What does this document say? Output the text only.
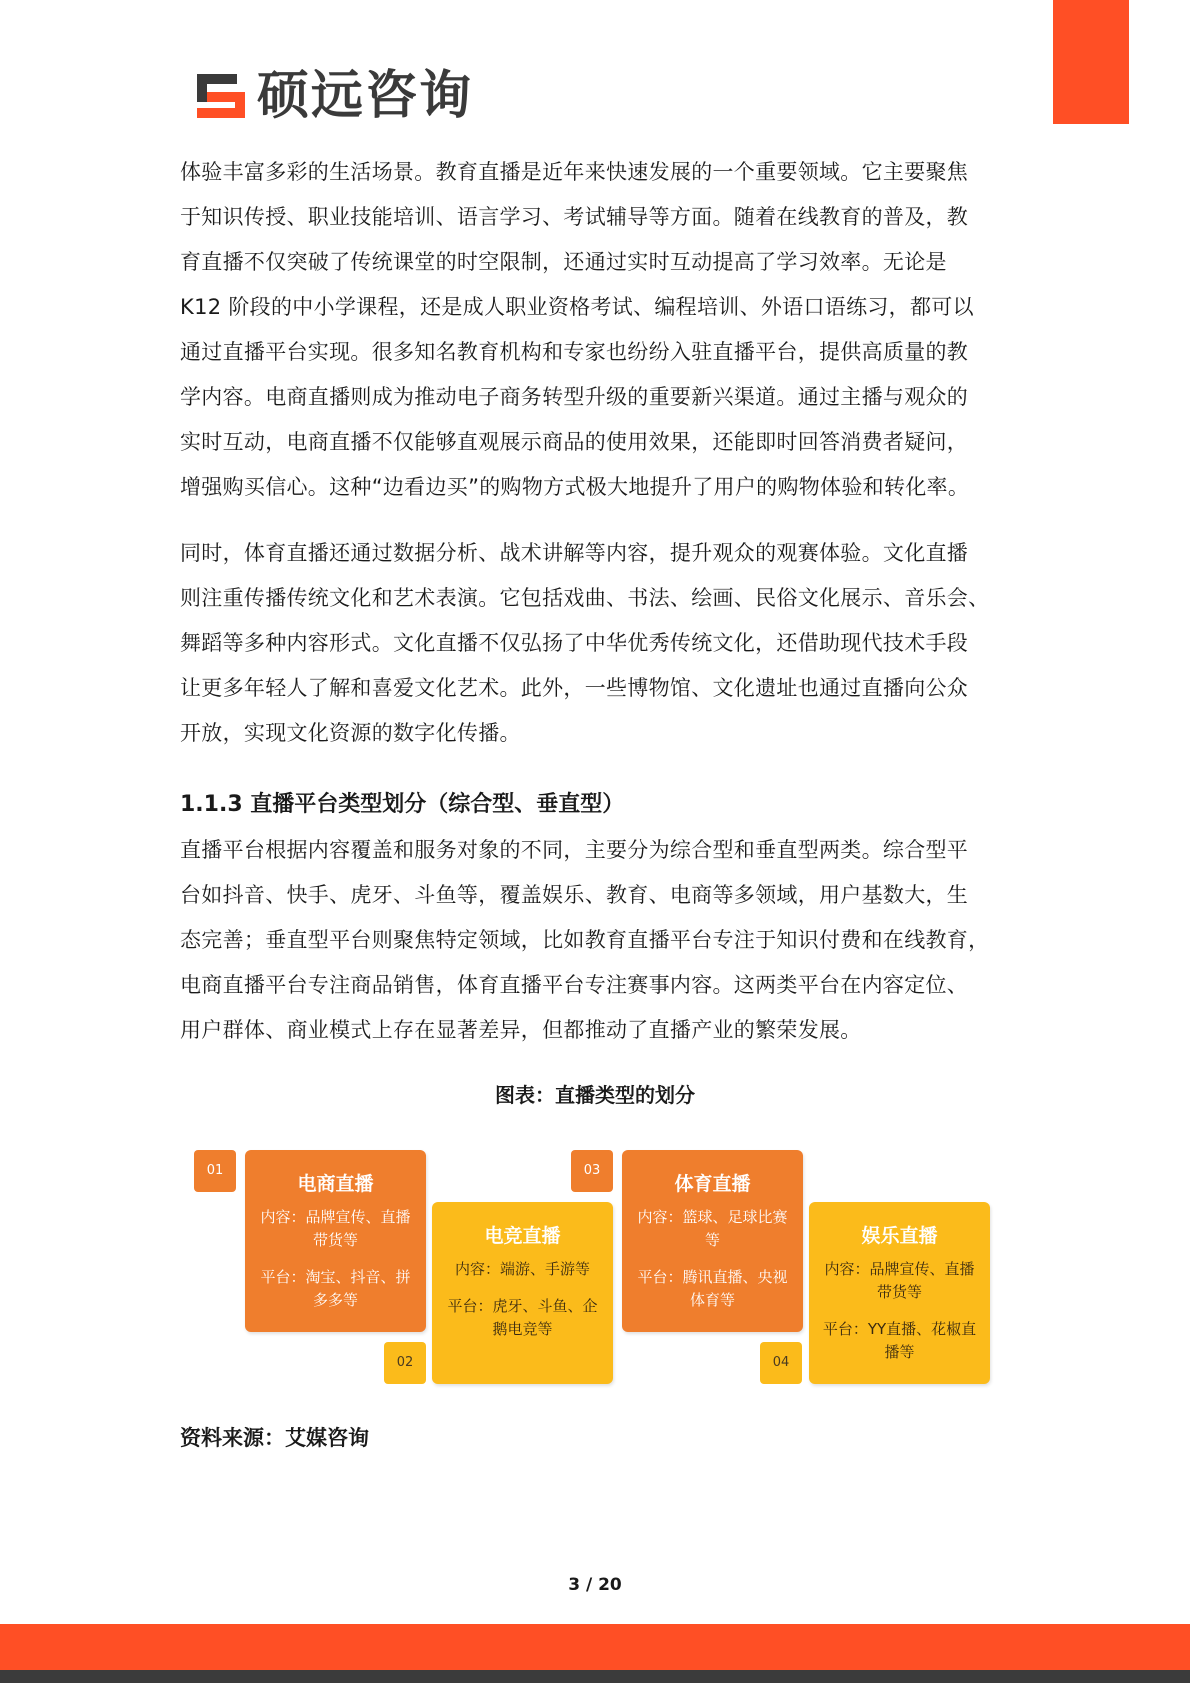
硕远咨询
体验丰富多彩的生活场景。教育直播是近年来快速发展的一个重要领域。它主要聚焦
于知识传授、职业技能培训、语言学习、考试辅导等方面。随着在线教育的普及，教
育直播不仅突破了传统课堂的时空限制，还通过实时互动提高了学习效率。无论是
K12 阶段的中小学课程，还是成人职业资格考试、编程培训、外语口语练习，都可以
通过直播平台实现。很多知名教育机构和专家也纷纷入驻直播平台，提供高质量的教
学内容。电商直播则成为推动电子商务转型升级的重要新兴渠道。通过主播与观众的
实时互动，电商直播不仅能够直观展示商品的使用效果，还能即时回答消费者疑问，
增强购买信心。这种“边看边买”的购物方式极大地提升了用户的购物体验和转化率。
同时，体育直播还通过数据分析、战术讲解等内容，提升观众的观赛体验。文化直播
则注重传播传统文化和艺术表演。它包括戏曲、书法、绘画、民俗文化展示、音乐会、
舞蹈等多种内容形式。文化直播不仅弘扬了中华优秀传统文化，还借助现代技术手段
让更多年轻人了解和喜爱文化艺术。此外，一些博物馆、文化遗址也通过直播向公众
开放，实现文化资源的数字化传播。
1.1.3 直播平台类型划分（综合型、垂直型）
直播平台根据内容覆盖和服务对象的不同，主要分为综合型和垂直型两类。综合型平
台如抖音、快手、虎牙、斗鱼等，覆盖娱乐、教育、电商等多领域，用户基数大，生
态完善；垂直型平台则聚焦特定领域，比如教育直播平台专注于知识付费和在线教育，
电商直播平台专注商品销售，体育直播平台专注赛事内容。这两类平台在内容定位、
用户群体、商业模式上存在显著差异，但都推动了直播产业的繁荣发展。
图表：直播类型的划分
01
电商直播
内容：品牌宣传、直播带货等
平台：淘宝、抖音、拼多多等
02
电竞直播
内容：端游、手游等
平台：虎牙、斗鱼、企鹅电竞等
03
体育直播
内容：篮球、足球比赛等
平台：腾讯直播、央视体育等
04
娱乐直播
内容：品牌宣传、直播带货等
平台：YY直播、花椒直播等

资料来源：艾媒咨询

3 / 20
